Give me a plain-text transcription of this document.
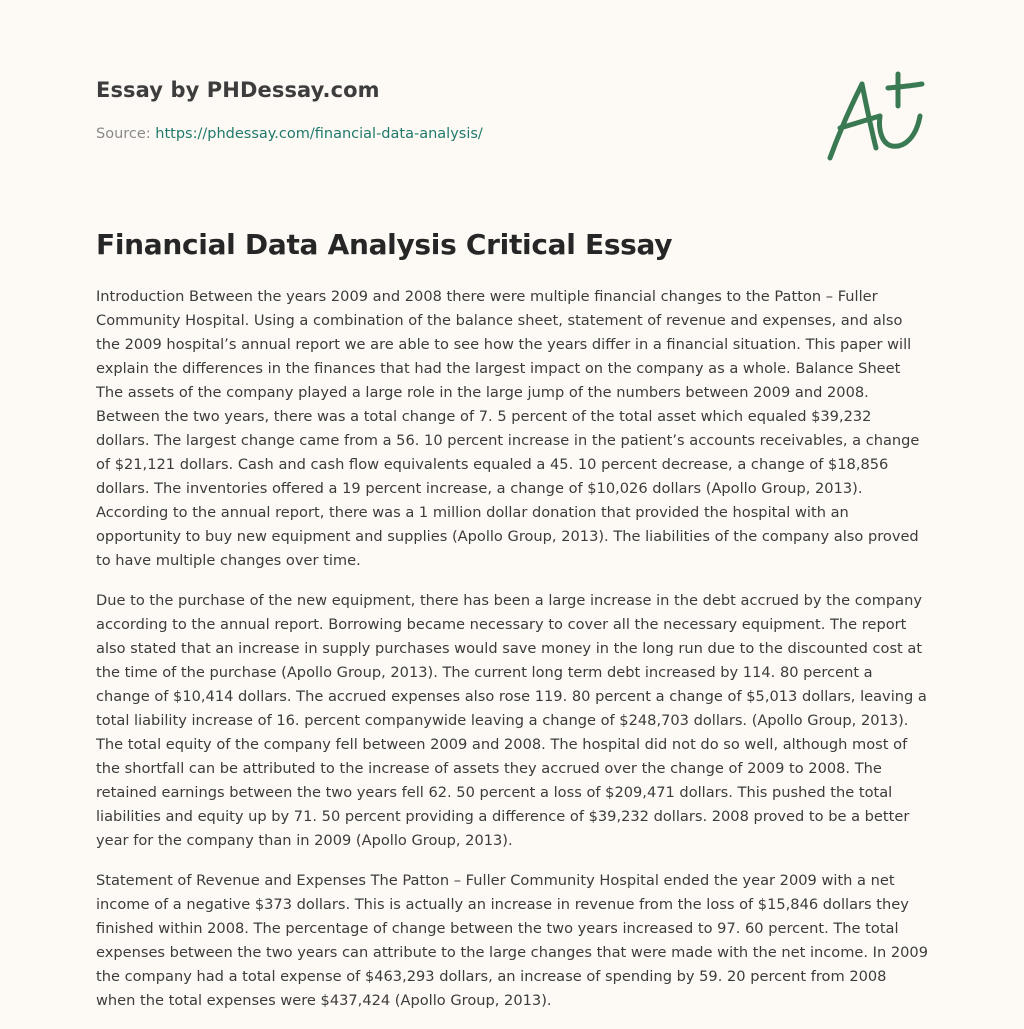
Essay by PHDessay.com
Source: https://phdessay.com/financial-data-analysis/
Financial Data Analysis Critical Essay

Introduction Between the years 2009 and 2008 there were multiple financial changes to the Patton – Fuller Community Hospital. Using a combination of the balance sheet, statement of revenue and expenses, and also the 2009 hospital’s annual report we are able to see how the years differ in a financial situation. This paper will explain the differences in the finances that had the largest impact on the company as a whole. Balance Sheet The assets of the company played a large role in the large jump of the numbers between 2009 and 2008. Between the two years, there was a total change of 7. 5 percent of the total asset which equaled $39,232 dollars. The largest change came from a 56. 10 percent increase in the patient’s accounts receivables, a change of $21,121 dollars. Cash and cash flow equivalents equaled a 45. 10 percent decrease, a change of $18,856 dollars. The inventories offered a 19 percent increase, a change of $10,026 dollars (Apollo Group, 2013). According to the annual report, there was a 1 million dollar donation that provided the hospital with an opportunity to buy new equipment and supplies (Apollo Group, 2013). The liabilities of the company also proved to have multiple changes over time.

Due to the purchase of the new equipment, there has been a large increase in the debt accrued by the company according to the annual report. Borrowing became necessary to cover all the necessary equipment. The report also stated that an increase in supply purchases would save money in the long run due to the discounted cost at the time of the purchase (Apollo Group, 2013). The current long term debt increased by 114. 80 percent a change of $10,414 dollars. The accrued expenses also rose 119. 80 percent a change of $5,013 dollars, leaving a total liability increase of 16. percent companywide leaving a change of $248,703 dollars. (Apollo Group, 2013). The total equity of the company fell between 2009 and 2008. The hospital did not do so well, although most of the shortfall can be attributed to the increase of assets they accrued over the change of 2009 to 2008. The retained earnings between the two years fell 62. 50 percent a loss of $209,471 dollars. This pushed the total liabilities and equity up by 71. 50 percent providing a difference of $39,232 dollars. 2008 proved to be a better year for the company than in 2009 (Apollo Group, 2013).

Statement of Revenue and Expenses The Patton – Fuller Community Hospital ended the year 2009 with a net income of a negative $373 dollars. This is actually an increase in revenue from the loss of $15,846 dollars they finished within 2008. The percentage of change between the two years increased to 97. 60 percent. The total expenses between the two years can attribute to the large changes that were made with the net income. In 2009 the company had a total expense of $463,293 dollars, an increase of spending by 59. 20 percent from 2008 when the total expenses were $437,424 (Apollo Group, 2013).
